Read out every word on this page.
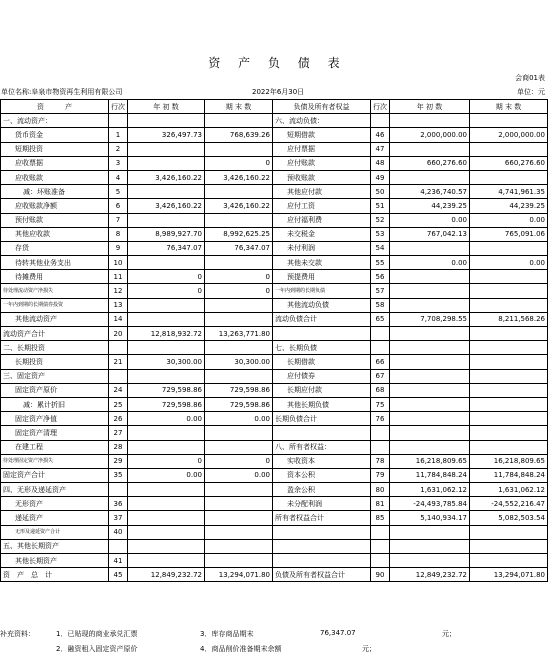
资 产 负 债 表
会商01表
单位名称:阜泉市物资再生利用有限公司	2022年6月30日	单位：元
资　　　产	行次	年 初 数	期 末 数	负债及所有者权益	行次	年 初 数	期 末 数
一、流动资产：				六、流动负债：			
货币资金	1	326,497.73	768,639.26	短期借款	46	2,000,000.00	2,000,000.00
短期投资	2			应付票据	47		
应收票据	3		0	应付账款	48	660,276.60	660,276.60
应收账款	4	3,426,160.22	3,426,160.22	预收账款	49		
减：坏账准备	5			其他应付款	50	4,236,740.57	4,741,961.35
应收账款净额	6	3,426,160.22	3,426,160.22	应付工资	51	44,239.25	44,239.25
预付账款	7			应付福利费	52	0.00	0.00
其他应收款	8	8,989,927.70	8,992,625.25	未交税金	53	767,042.13	765,091.06
存货	9	76,347.07	76,347.07	未付利润	54		
待转其他业务支出	10			其他未交款	55	0.00	0.00
待摊费用	11	0	0	预提费用	56		
待处理流动资产净损失	12	0	0	一年内到期的长期负债	57		
一年内到期的长期债券投资	13			其他流动负债	58		
其他流动资产	14			流动负债合计	65	7,708,298.55	8,211,568.26
流动资产合计	20	12,818,932.72	13,263,771.80				
二、长期投资				七、长期负债			
长期投资	21	30,300.00	30,300.00	长期借款	66		
三、固定资产				应付债券	67		
固定资产原价	24	729,598.86	729,598.86	长期应付款	68		
减：累计折旧	25	729,598.86	729,598.86	其他长期负债	75		
固定资产净值	26	0.00	0.00	长期负债合计	76		
固定资产清理	27						
在建工程	28			八、所有者权益：			
待处理固定资产净损失	29	0	0	实收资本	78	16,218,809.65	16,218,809.65
固定资产合计	35	0.00	0.00	资本公积	79	11,784,848.24	11,784,848.24
四、无形及递延资产				盈余公积	80	1,631,062.12	1,631,062.12
无形资产	36			未分配利润	81	-24,493,785.84	-24,552,216.47
递延资产	37			所有者权益合计	85	5,140,934.17	5,082,503.54
无形及递延资产合计	40						
五、其他长期资产							
其他长期资产	41						
资　产　总　计	45	12,849,232.72	13,294,071.80	负债及所有者权益合计	90	12,849,232.72	13,294,071.80
补充资料：	1．已贴现的商业承兑汇票	3．库存商品期末	76,347.07	元；
2．融资租入固定资产原价	4．商品削价准备期末余额	元；
